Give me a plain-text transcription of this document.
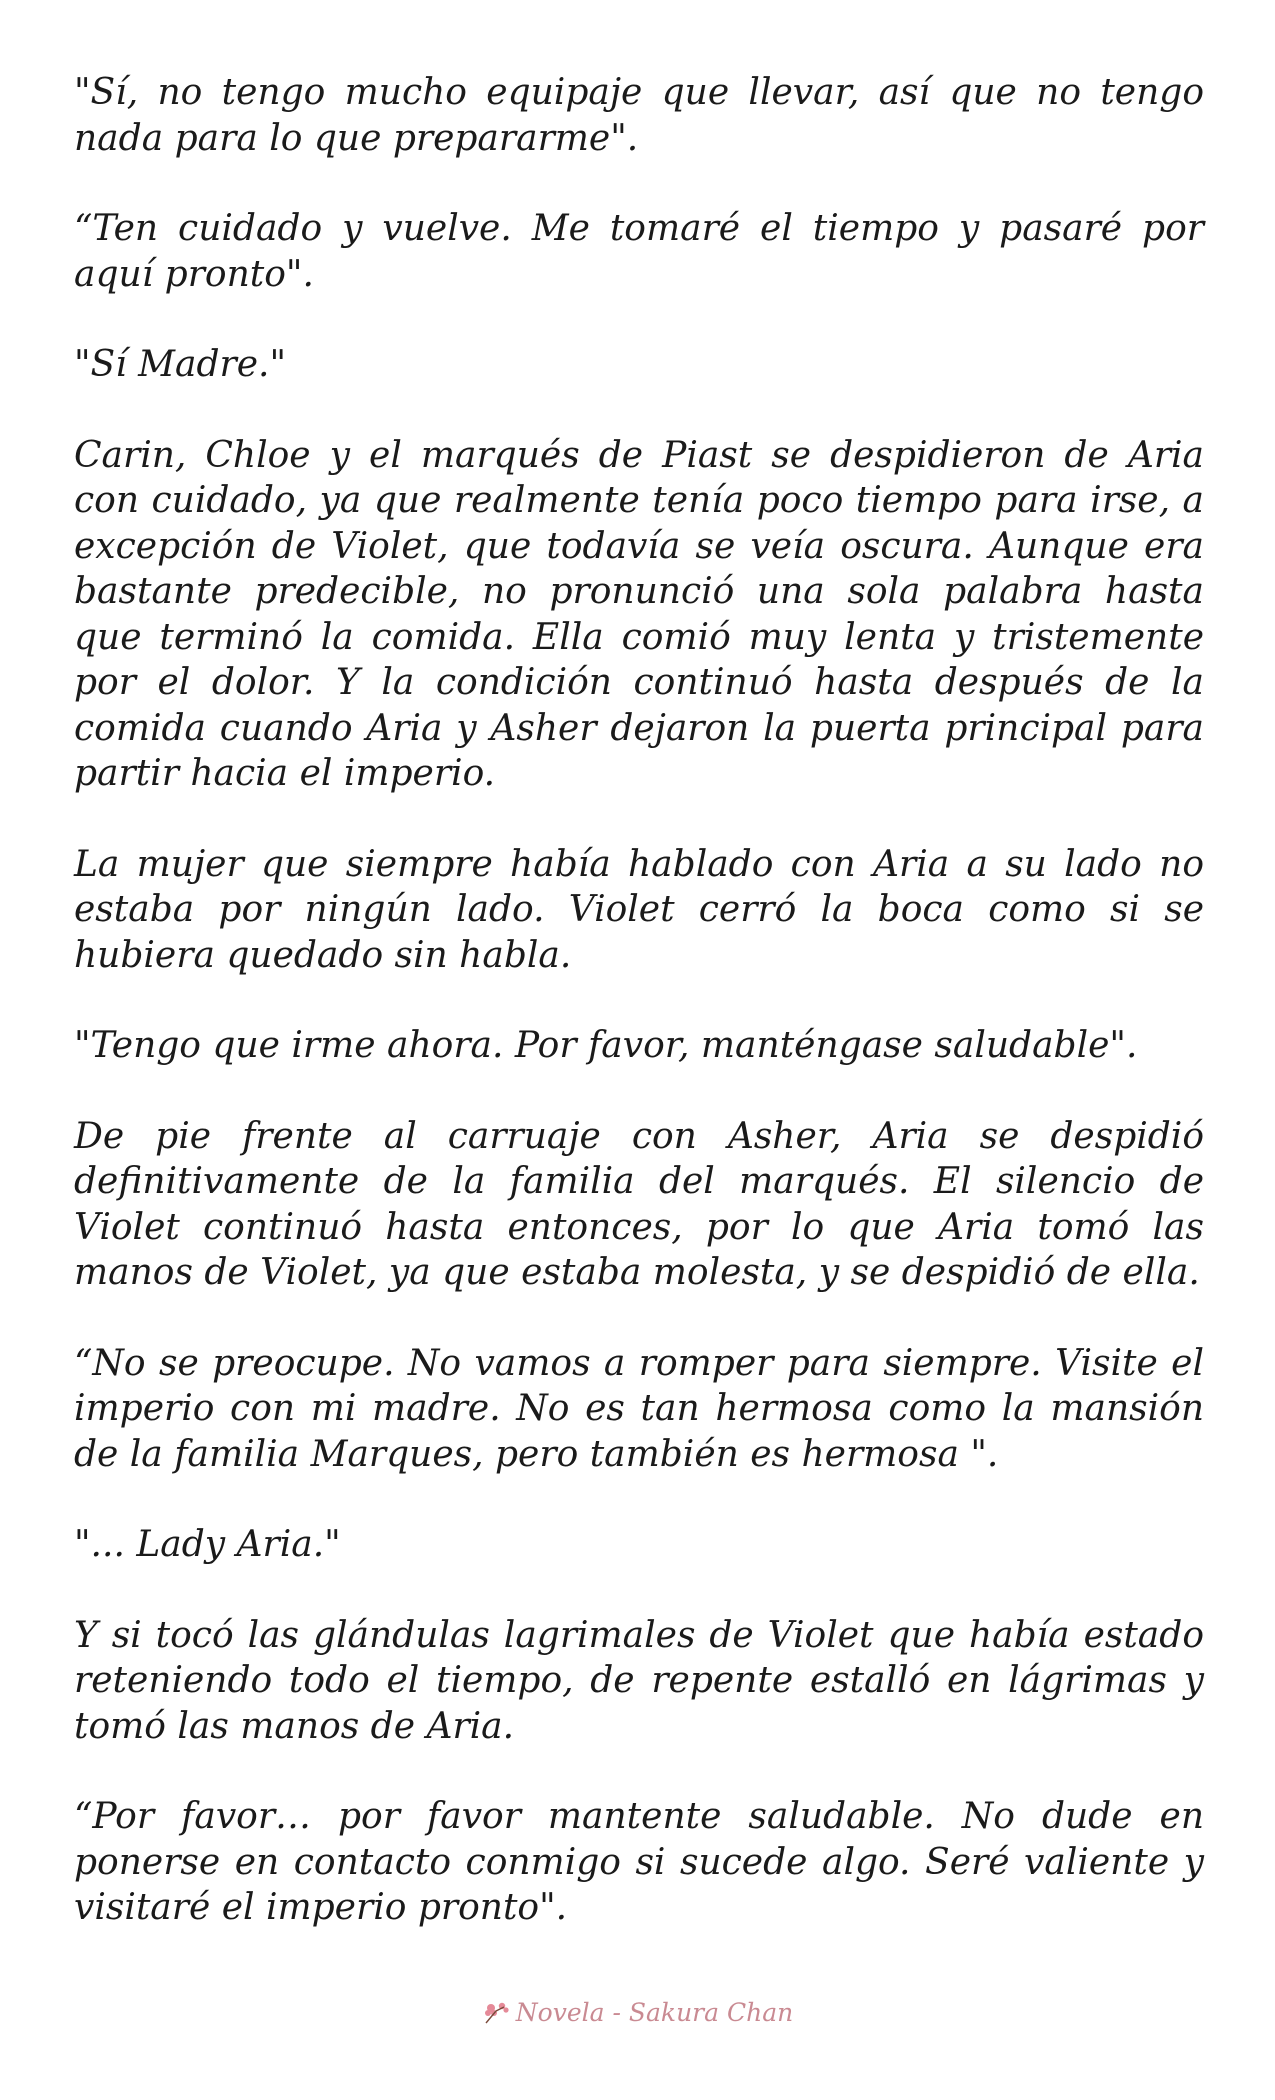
"Sí, no tengo mucho equipaje que llevar, así que no tengo nada para lo que prepararme".

“Ten cuidado y vuelve. Me tomaré el tiempo y pasaré por aquí pronto".

"Sí Madre."

Carin, Chloe y el marqués de Piast se despidieron de Aria con cuidado, ya que realmente tenía poco tiempo para irse, a excepción de Violet, que todavía se veía oscura. Aunque era bastante predecible, no pronunció una sola palabra hasta que terminó la comida. Ella comió muy lenta y tristemente por el dolor. Y la condición continuó hasta después de la comida cuando Aria y Asher dejaron la puerta principal para partir hacia el imperio.

La mujer que siempre había hablado con Aria a su lado no estaba por ningún lado. Violet cerró la boca como si se hubiera quedado sin habla.

"Tengo que irme ahora. Por favor, manténgase saludable".

De pie frente al carruaje con Asher, Aria se despidió definitivamente de la familia del marqués. El silencio de Violet continuó hasta entonces, por lo que Aria tomó las manos de Violet, ya que estaba molesta, y se despidió de ella.

“No se preocupe. No vamos a romper para siempre. Visite el imperio con mi madre. No es tan hermosa como la mansión de la familia Marques, pero también es hermosa ".

"... Lady Aria."

Y si tocó las glándulas lagrimales de Violet que había estado reteniendo todo el tiempo, de repente estalló en lágrimas y tomó las manos de Aria.

“Por favor… por favor mantente saludable. No dude en ponerse en contacto conmigo si sucede algo. Seré valiente y visitaré el imperio pronto".

Novela - Sakura Chan
